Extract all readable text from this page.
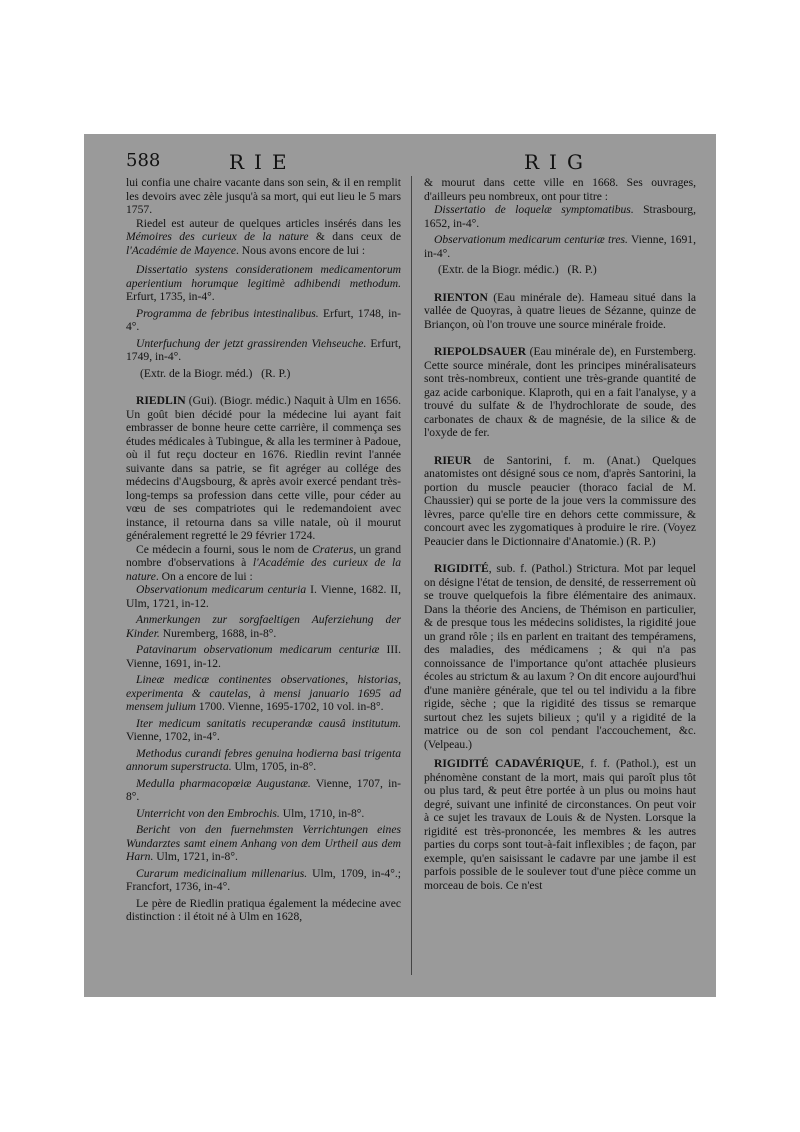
588	RIE	RIG

lui confia une chaire vacante dans son sein, & il en remplit les devoirs avec zèle jusqu'à sa mort, qui eut lieu le 5 mars 1757.

Riedel est auteur de quelques articles insérés dans les Mémoires des curieux de la nature & dans ceux de l'Académie de Mayence. Nous avons encore de lui :

Dissertatio systens considerationem medicamentorum aperientium horumque legitimè adhibendi methodum. Erfurt, 1735, in-4°.

Programma de febribus intestinalibus. Erfurt, 1748, in-4°.

Unterfuchung der jetzt grassirenden Viehseuche. Erfurt, 1749, in-4°.

(Extr. de la Biogr. méd.) (R. P.)

RIEDLIN (Gui). (Biogr. médic.) Naquit à Ulm en 1656. Un goût bien décidé pour la médecine lui ayant fait embrasser de bonne heure cette carrière, il commença ses études médicales à Tubingue, & alla les terminer à Padoue, où il fut reçu docteur en 1676. Riedlin revint l'année suivante dans sa patrie, se fit agréger au collége des médecins d'Augsbourg, & après avoir exercé pendant très-long-temps sa profession dans cette ville, pour céder au vœu de ses compatriotes qui le redemandoient avec instance, il retourna dans sa ville natale, où il mourut généralement regretté le 29 février 1724.

Ce médecin a fourni, sous le nom de Craterus, un grand nombre d'observations à l'Académie des curieux de la nature. On a encore de lui :

Observationum medicarum centuria I. Vienne, 1682. II, Ulm, 1721, in-12.

Anmerkungen zur sorgfaeltigen Auferziehung der Kinder. Nuremberg, 1688, in-8°.

Patavinarum observationum medicarum centuriæ III. Vienne, 1691, in-12.

Lineæ medicæ continentes observationes, historias, experimenta & cautelas, à mensi januario 1695 ad mensem julium 1700. Vienne, 1695-1702, 10 vol. in-8°.

Iter medicum sanitatis recuperandæ causâ institutum. Vienne, 1702, in-4°.

Methodus curandi febres genuina hodierna basi trigenta annorum superstructa. Ulm, 1705, in-8°.

Medulla pharmacopœiæ Augustanæ. Vienne, 1707, in-8°.

Unterricht von den Embrochis. Ulm, 1710, in-8°.

Bericht von den fuernehmsten Verrichtungen eines Wundarztes samt einem Anhang von dem Urtheil aus dem Harn. Ulm, 1721, in-8°.

Curarum medicinalium millenarius. Ulm, 1709, in-4°.; Francfort, 1736, in-4°.

Le père de Riedlin pratiqua également la médecine avec distinction : il étoit né à Ulm en 1628,

& mourut dans cette ville en 1668. Ses ouvrages, d'ailleurs peu nombreux, ont pour titre :

Dissertatio de loquelæ symptomatibus. Strasbourg, 1652, in-4°.

Observationum medicarum centuriæ tres. Vienne, 1691, in-4°.

(Extr. de la Biogr. médic.) (R. P.)

RIENTON (Eau minérale de). Hameau situé dans la vallée de Quoyras, à quatre lieues de Sézanne, quinze de Briançon, où l'on trouve une source minérale froide.

RIEPOLDSAUER (Eau minérale de), en Furstemberg. Cette source minérale, dont les principes minéralisateurs sont très-nombreux, contient une très-grande quantité de gaz acide carbonique. Klaproth, qui en a fait l'analyse, y a trouvé du sulfate & de l'hydrochlorate de soude, des carbonates de chaux & de magnésie, de la silice & de l'oxyde de fer.

RIEUR de Santorini, f. m. (Anat.) Quelques anatomistes ont désigné sous ce nom, d'après Santorini, la portion du muscle peaucier (thoraco facial de M. Chaussier) qui se porte de la joue vers la commissure des lèvres, parce qu'elle tire en dehors cette commissure, & concourt avec les zygomatiques à produire le rire. (Voyez Peaucier dans le Dictionnaire d'Anatomie.) (R. P.)

RIGIDITÉ, sub. f. (Pathol.) Strictura. Mot par lequel on désigne l'état de tension, de densité, de resserrement où se trouve quelquefois la fibre élémentaire des animaux. Dans la théorie des Anciens, de Thémison en particulier, & de presque tous les médecins solidistes, la rigidité joue un grand rôle ; ils en parlent en traitant des tempéramens, des maladies, des médicamens ; & qui n'a pas connoissance de l'importance qu'ont attachée plusieurs écoles au strictum & au laxum ? On dit encore aujourd'hui d'une manière générale, que tel ou tel individu a la fibre rigide, sèche ; que la rigidité des tissus se remarque surtout chez les sujets bilieux ; qu'il y a rigidité de la matrice ou de son col pendant l'accouchement, &c. (Velpeau.)

RIGIDITÉ CADAVÉRIQUE, f. f. (Pathol.), est un phénomène constant de la mort, mais qui paroît plus tôt ou plus tard, & peut être portée à un plus ou moins haut degré, suivant une infinité de circonstances. On peut voir à ce sujet les travaux de Louis & de Nysten. Lorsque la rigidité est très-prononcée, les membres & les autres parties du corps sont tout-à-fait inflexibles ; de façon, par exemple, qu'en saisissant le cadavre par une jambe il est parfois possible de le soulever tout d'une pièce comme un morceau de bois. Ce n'est
